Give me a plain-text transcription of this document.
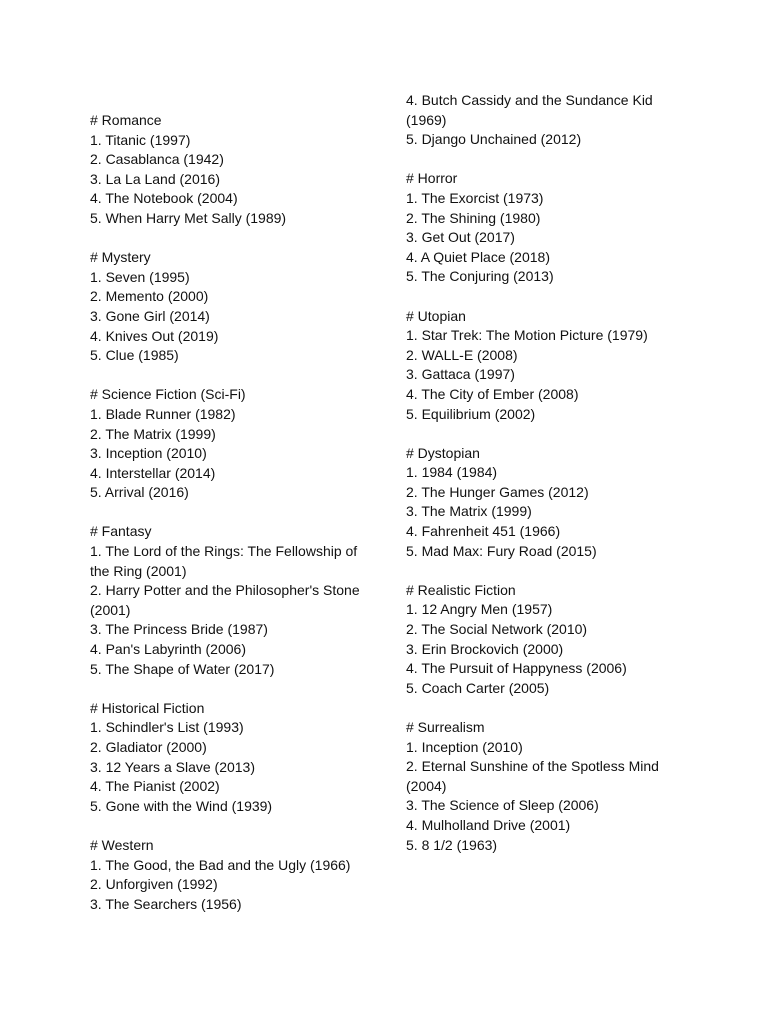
# Romance
1. Titanic (1997)
2. Casablanca (1942)
3. La La Land (2016)
4. The Notebook (2004)
5. When Harry Met Sally (1989)
# Mystery
1. Seven (1995)
2. Memento (2000)
3. Gone Girl (2014)
4. Knives Out (2019)
5. Clue (1985)
# Science Fiction (Sci-Fi)
1. Blade Runner (1982)
2. The Matrix (1999)
3. Inception (2010)
4. Interstellar (2014)
5. Arrival (2016)
# Fantasy
1. The Lord of the Rings: The Fellowship of the Ring (2001)
2. Harry Potter and the Philosopher's Stone (2001)
3. The Princess Bride (1987)
4. Pan's Labyrinth (2006)
5. The Shape of Water (2017)
# Historical Fiction
1. Schindler's List (1993)
2. Gladiator (2000)
3. 12 Years a Slave (2013)
4. The Pianist (2002)
5. Gone with the Wind (1939)
# Western
1. The Good, the Bad and the Ugly (1966)
2. Unforgiven (1992)
3. The Searchers (1956)
4. Butch Cassidy and the Sundance Kid (1969)
5. Django Unchained (2012)
# Horror
1. The Exorcist (1973)
2. The Shining (1980)
3. Get Out (2017)
4. A Quiet Place (2018)
5. The Conjuring (2013)
# Utopian
1. Star Trek: The Motion Picture (1979)
2. WALL-E (2008)
3. Gattaca (1997)
4. The City of Ember (2008)
5. Equilibrium (2002)
# Dystopian
1. 1984 (1984)
2. The Hunger Games (2012)
3. The Matrix (1999)
4. Fahrenheit 451 (1966)
5. Mad Max: Fury Road (2015)
# Realistic Fiction
1. 12 Angry Men (1957)
2. The Social Network (2010)
3. Erin Brockovich (2000)
4. The Pursuit of Happyness (2006)
5. Coach Carter (2005)
# Surrealism
1. Inception (2010)
2. Eternal Sunshine of the Spotless Mind (2004)
3. The Science of Sleep (2006)
4. Mulholland Drive (2001)
5. 8 1/2 (1963)
